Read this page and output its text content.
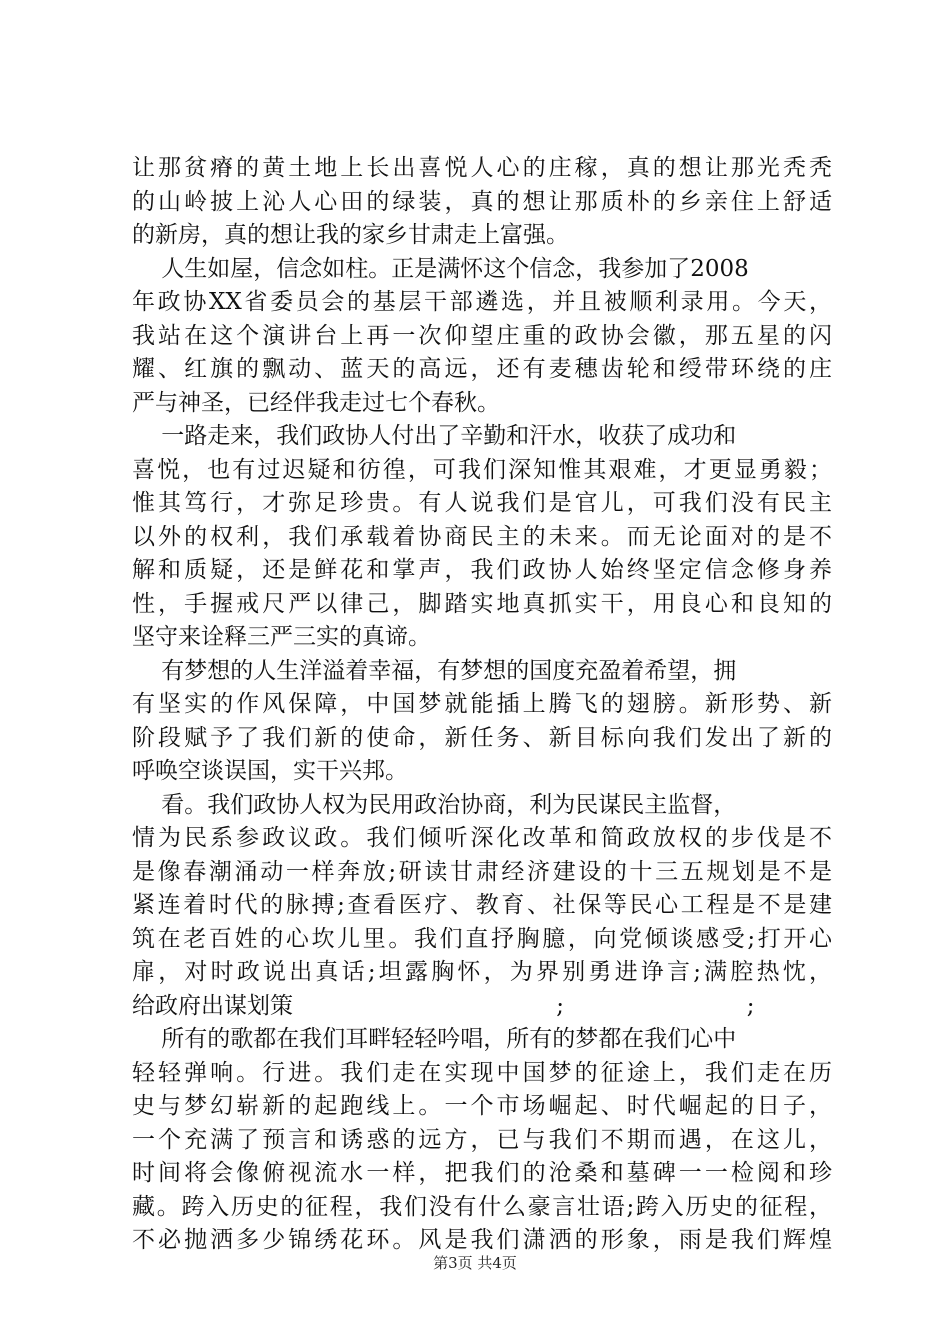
让那贫瘠的黄土地上长出喜悦人心的庄稼，真的想让那光秃秃
的山岭披上沁人心田的绿装，真的想让那质朴的乡亲住上舒适
的新房，真的想让我的家乡甘肃走上富强。
人生如屋，信念如柱。正是满怀这个信念，我参加了2008
年政协XX省委员会的基层干部遴选，并且被顺利录用。今天，
我站在这个演讲台上再一次仰望庄重的政协会徽，那五星的闪
耀、红旗的飘动、蓝天的高远，还有麦穗齿轮和绶带环绕的庄
严与神圣，已经伴我走过七个春秋。
一路走来，我们政协人付出了辛勤和汗水，收获了成功和
喜悦，也有过迟疑和彷徨，可我们深知惟其艰难，才更显勇毅；
惟其笃行，才弥足珍贵。有人说我们是官儿，可我们没有民主
以外的权利，我们承载着协商民主的未来。而无论面对的是不
解和质疑，还是鲜花和掌声，我们政协人始终坚定信念修身养
性，手握戒尺严以律己，脚踏实地真抓实干，用良心和良知的
坚守来诠释三严三实的真谛。
有梦想的人生洋溢着幸福，有梦想的国度充盈着希望，拥
有坚实的作风保障，中国梦就能插上腾飞的翅膀。新形势、新
阶段赋予了我们新的使命，新任务、新目标向我们发出了新的
呼唤空谈误国，实干兴邦。
看。我们政协人权为民用政治协商，利为民谋民主监督，
情为民系参政议政。我们倾听深化改革和简政放权的步伐是不
是像春潮涌动一样奔放;研读甘肃经济建设的十三五规划是不是
紧连着时代的脉搏;查看医疗、教育、社保等民心工程是不是建
筑在老百姓的心坎儿里。我们直抒胸臆，向党倾谈感受;打开心
扉，对时政说出真话;坦露胸怀，为界别勇进诤言;满腔热忱，
给政府出谋划策                                    ;                         ;
所有的歌都在我们耳畔轻轻吟唱，所有的梦都在我们心中
轻轻弹响。行进。我们走在实现中国梦的征途上，我们走在历
史与梦幻崭新的起跑线上。一个市场崛起、时代崛起的日子，
一个充满了预言和诱惑的远方，已与我们不期而遇，在这儿，
时间将会像俯视流水一样，把我们的沧桑和墓碑一一检阅和珍
藏。跨入历史的征程，我们没有什么豪言壮语;跨入历史的征程，
不必抛洒多少锦绣花环。风是我们潇洒的形象，雨是我们辉煌
第3页 共4页
